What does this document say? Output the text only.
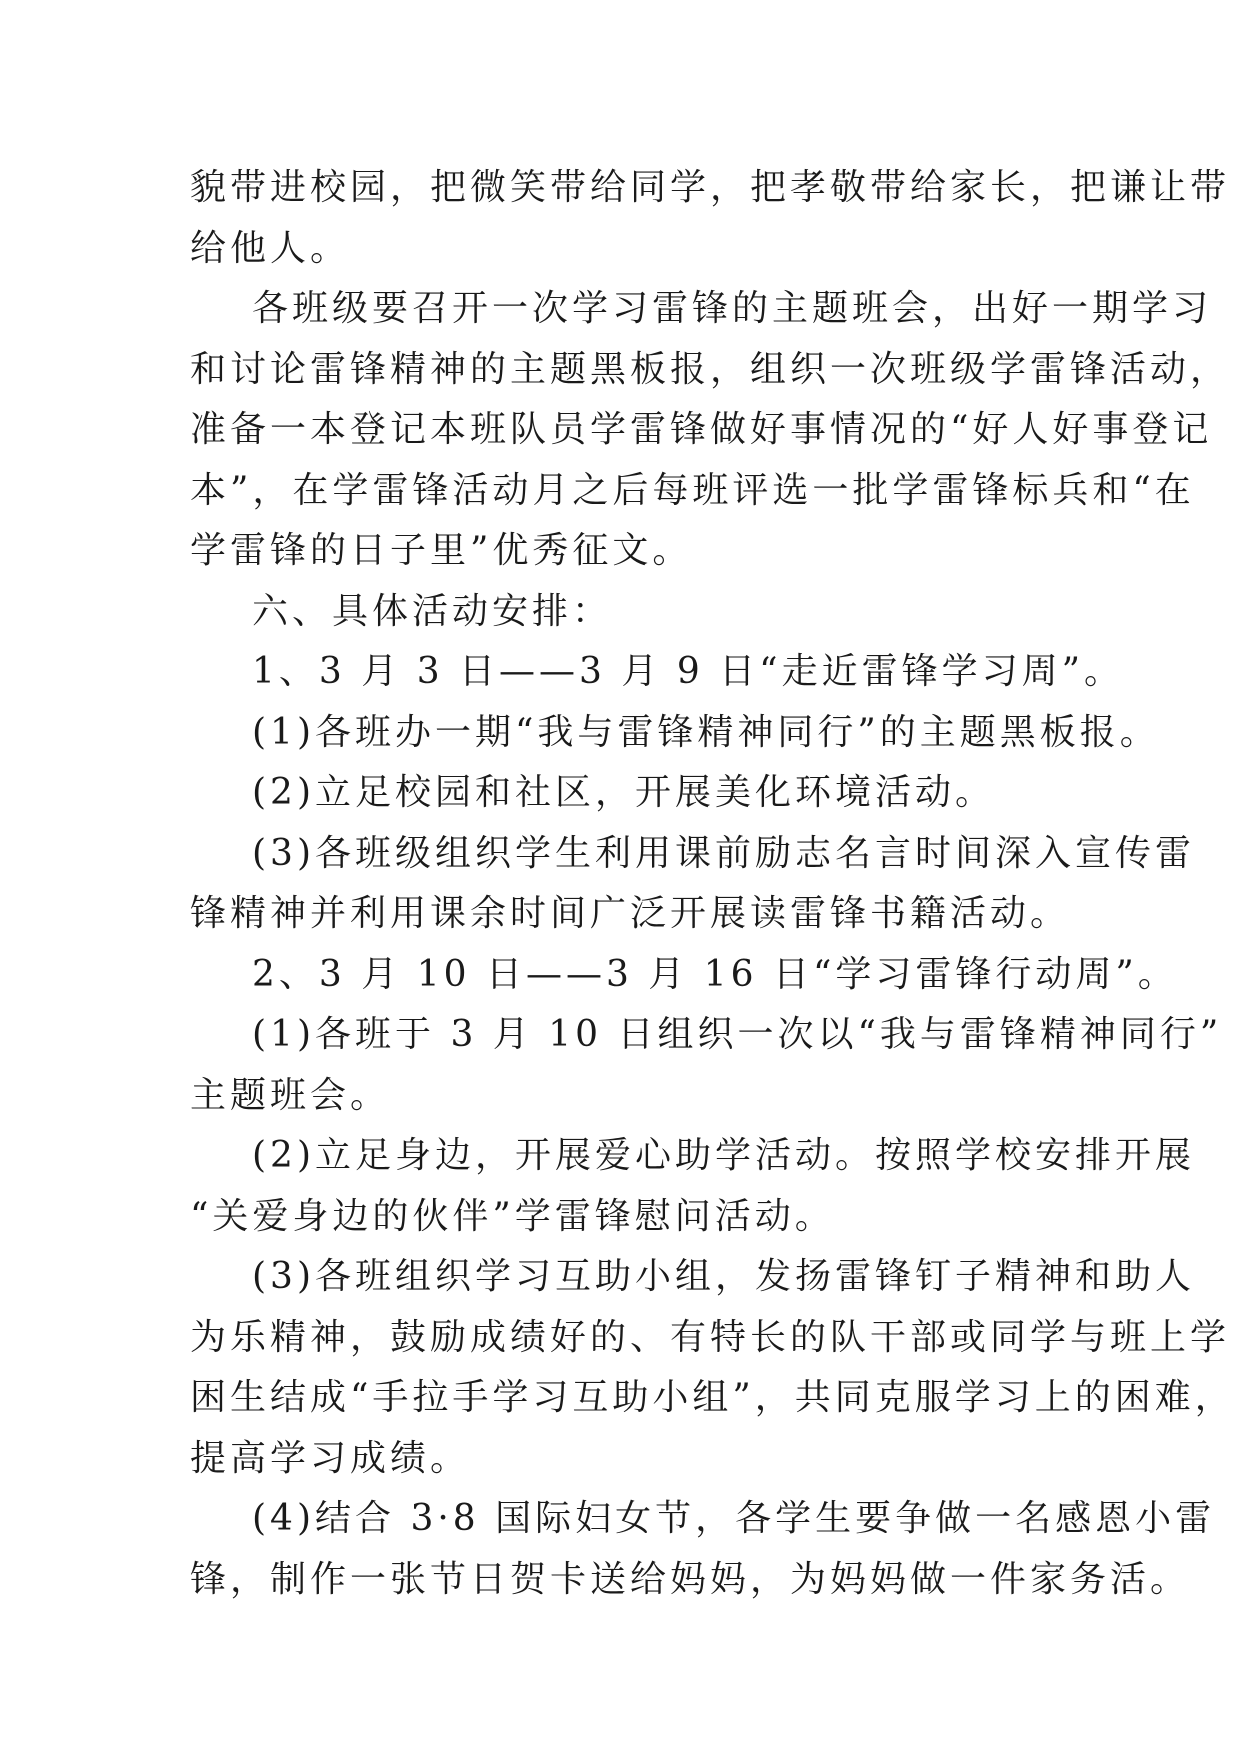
貌带进校园，把微笑带给同学，把孝敬带给家长，把谦让带
给他人。
各班级要召开一次学习雷锋的主题班会，出好一期学习
和讨论雷锋精神的主题黑板报，组织一次班级学雷锋活动，
准备一本登记本班队员学雷锋做好事情况的“好人好事登记
本”，在学雷锋活动月之后每班评选一批学雷锋标兵和“在
学雷锋的日子里”优秀征文。
六、具体活动安排：
1、3 月 3 日——3 月 9 日“走近雷锋学习周”。
(1)各班办一期“我与雷锋精神同行”的主题黑板报。
(2)立足校园和社区，开展美化环境活动。
(3)各班级组织学生利用课前励志名言时间深入宣传雷
锋精神并利用课余时间广泛开展读雷锋书籍活动。
2、3 月 10 日——3 月 16 日“学习雷锋行动周”。
(1)各班于 3 月 10 日组织一次以“我与雷锋精神同行”
主题班会。
(2)立足身边，开展爱心助学活动。按照学校安排开展
“关爱身边的伙伴”学雷锋慰问活动。
(3)各班组织学习互助小组，发扬雷锋钉子精神和助人
为乐精神，鼓励成绩好的、有特长的队干部或同学与班上学
困生结成“手拉手学习互助小组”，共同克服学习上的困难，
提高学习成绩。
(4)结合 3·8 国际妇女节，各学生要争做一名感恩小雷
锋，制作一张节日贺卡送给妈妈，为妈妈做一件家务活。
